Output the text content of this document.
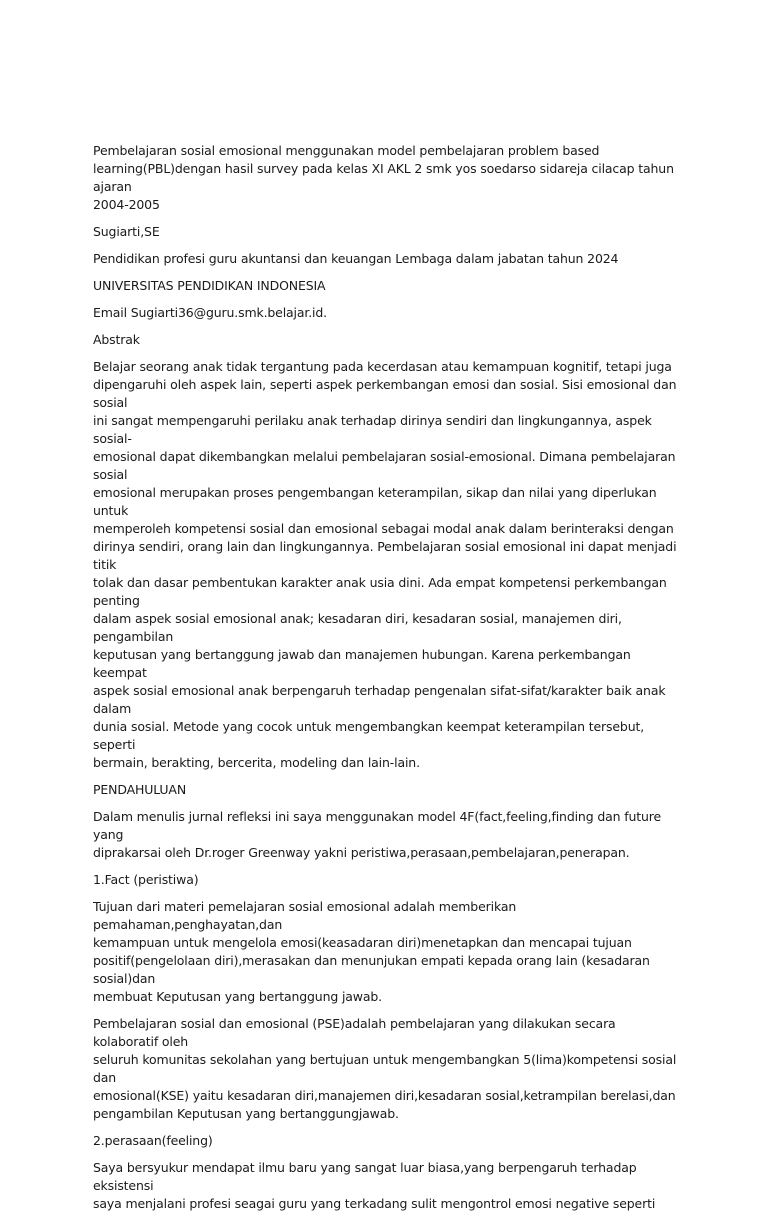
Pembelajaran sosial emosional menggunakan model pembelajaran problem based
learning(PBL)dengan hasil survey pada kelas XI AKL 2 smk yos soedarso sidareja cilacap tahun ajaran
2004-2005

Sugiarti,SE

Pendidikan profesi guru akuntansi dan keuangan Lembaga dalam jabatan tahun 2024

UNIVERSITAS PENDIDIKAN INDONESIA

Email Sugiarti36@guru.smk.belajar.id.

Abstrak

Belajar seorang anak tidak tergantung pada kecerdasan atau kemampuan kognitif, tetapi juga
dipengaruhi oleh aspek lain, seperti aspek perkembangan emosi dan sosial. Sisi emosional dan sosial
ini sangat mempengaruhi perilaku anak terhadap dirinya sendiri dan lingkungannya, aspek sosial-
emosional dapat dikembangkan melalui pembelajaran sosial-emosional. Dimana pembelajaran sosial
emosional merupakan proses pengembangan keterampilan, sikap dan nilai yang diperlukan untuk
memperoleh kompetensi sosial dan emosional sebagai modal anak dalam berinteraksi dengan
dirinya sendiri, orang lain dan lingkungannya. Pembelajaran sosial emosional ini dapat menjadi titik
tolak dan dasar pembentukan karakter anak usia dini. Ada empat kompetensi perkembangan penting
dalam aspek sosial emosional anak; kesadaran diri, kesadaran sosial, manajemen diri, pengambilan
keputusan yang bertanggung jawab dan manajemen hubungan. Karena perkembangan keempat
aspek sosial emosional anak berpengaruh terhadap pengenalan sifat-sifat/karakter baik anak dalam
dunia sosial. Metode yang cocok untuk mengembangkan keempat keterampilan tersebut, seperti
bermain, berakting, bercerita, modeling dan lain-lain.

PENDAHULUAN

Dalam menulis jurnal refleksi ini saya menggunakan model 4F(fact,feeling,finding dan future yang
diprakarsai oleh Dr.roger Greenway yakni peristiwa,perasaan,pembelajaran,penerapan.

1.Fact (peristiwa)

Tujuan dari materi pemelajaran sosial emosional adalah memberikan pemahaman,penghayatan,dan
kemampuan untuk mengelola emosi(keasadaran diri)menetapkan dan mencapai tujuan
positif(pengelolaan diri),merasakan dan menunjukan empati kepada orang lain (kesadaran sosial)dan
membuat Keputusan yang bertanggung jawab.

Pembelajaran sosial dan emosional (PSE)adalah pembelajaran yang dilakukan secara kolaboratif oleh
seluruh komunitas sekolahan yang bertujuan untuk mengembangkan 5(lima)kompetensi sosial dan
emosional(KSE) yaitu kesadaran diri,manajemen diri,kesadaran sosial,ketrampilan berelasi,dan
pengambilan Keputusan yang bertanggungjawab.

2.perasaan(feeling)

Saya bersyukur mendapat ilmu baru yang sangat luar biasa,yang berpengaruh terhadap eksistensi
saya menjalani profesi seagai guru yang terkadang sulit mengontrol emosi negative seperti
